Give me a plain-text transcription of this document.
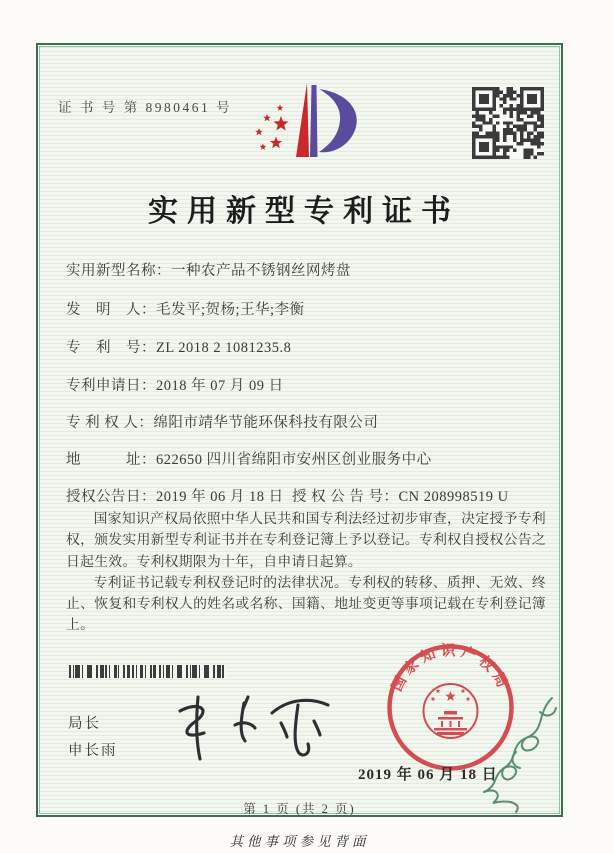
证 书 号 第 8980461 号
实用新型专利证书
实用新型名称：一种农产品不锈钢丝网烤盘
发　明　人：毛发平;贺杨;王华;李衡
专　利　号：ZL 2018 2 1081235.8
专利申请日：2018 年 07 月 09 日
专 利 权 人：绵阳市靖华节能环保科技有限公司
地　　　址：622650 四川省绵阳市安州区创业服务中心
授权公告日：2019 年 06 月 18 日 授 权 公 告 号：CN 208998519 U

国家知识产权局依照中华人民共和国专利法经过初步审查，决定授予专利权，颁发实用新型专利证书并在专利登记簿上予以登记。专利权自授权公告之日起生效。专利权期限为十年，自申请日起算。

专利证书记载专利权登记时的法律状况。专利权的转移、质押、无效、终止、恢复和专利权人的姓名或名称、国籍、地址变更等事项记载在专利登记簿上。

局长
申长雨
国家知识产权局
2019 年 06 月 18 日
第 1 页 (共 2 页)
其他事项参见背面
